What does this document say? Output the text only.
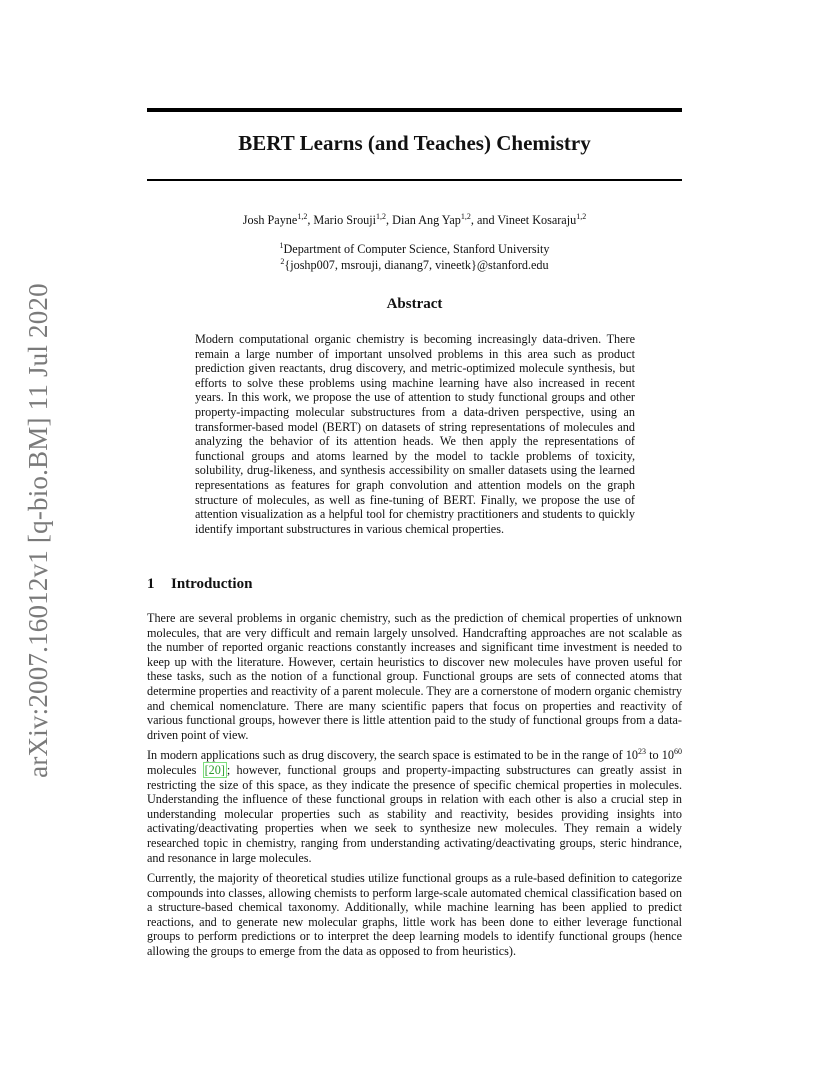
arXiv:2007.16012v1 [q-bio.BM] 11 Jul 2020
BERT Learns (and Teaches) Chemistry
Josh Payne$^{1,2}$, Mario Srouji$^{1,2}$, Dian Ang Yap$^{1,2}$, and Vineet Kosaraju$^{1,2}$
$^1$Department of Computer Science, Stanford University
$^2${joshp007, msrouji, dianang7, vineetk}@stanford.edu
Abstract
Modern computational organic chemistry is becoming increasingly data-driven. There remain a large number of important unsolved problems in this area such as product prediction given reactants, drug discovery, and metric-optimized molecule synthesis, but efforts to solve these problems using machine learning have also increased in recent years. In this work, we propose the use of attention to study functional groups and other property-impacting molecular substructures from a data-driven perspective, using an transformer-based model (BERT) on datasets of string representations of molecules and analyzing the behavior of its attention heads. We then apply the representations of functional groups and atoms learned by the model to tackle problems of toxicity, solubility, drug-likeness, and synthesis accessibility on smaller datasets using the learned representations as features for graph convolution and attention models on the graph structure of molecules, as well as fine-tuning of BERT. Finally, we propose the use of attention visualization as a helpful tool for chemistry practitioners and students to quickly identify important substructures in various chemical properties.
1 Introduction

There are several problems in organic chemistry, such as the prediction of chemical properties of unknown molecules, that are very difficult and remain largely unsolved. Handcrafting approaches are not scalable as the number of reported organic reactions constantly increases and significant time investment is needed to keep up with the literature. However, certain heuristics to discover new molecules have proven useful for these tasks, such as the notion of a functional group. Functional groups are sets of connected atoms that determine properties and reactivity of a parent molecule. They are a cornerstone of modern organic chemistry and chemical nomenclature. There are many scientific papers that focus on properties and reactivity of various functional groups, however there is little attention paid to the study of functional groups from a data-driven point of view.

In modern applications such as drug discovery, the search space is estimated to be in the range of $10^{23}$ to $10^{60}$ molecules [20] ; however, functional groups and property-impacting substructures can greatly assist in restricting the size of this space, as they indicate the presence of specific chemical properties in molecules. Understanding the influence of these functional groups in relation with each other is also a crucial step in understanding molecular properties such as stability and reactivity, besides providing insights into activating/deactivating properties when we seek to synthesize new molecules. They remain a widely researched topic in chemistry, ranging from understanding activating/deactivating groups, steric hindrance, and resonance in large molecules.

Currently, the majority of theoretical studies utilize functional groups as a rule-based definition to categorize compounds into classes, allowing chemists to perform large-scale automated chemical classification based on a structure-based chemical taxonomy. Additionally, while machine learning has been applied to predict reactions, and to generate new molecular graphs, little work has been done to either leverage functional groups to perform predictions or to interpret the deep learning models to identify functional groups (hence allowing the groups to emerge from the data as opposed to from heuristics).
